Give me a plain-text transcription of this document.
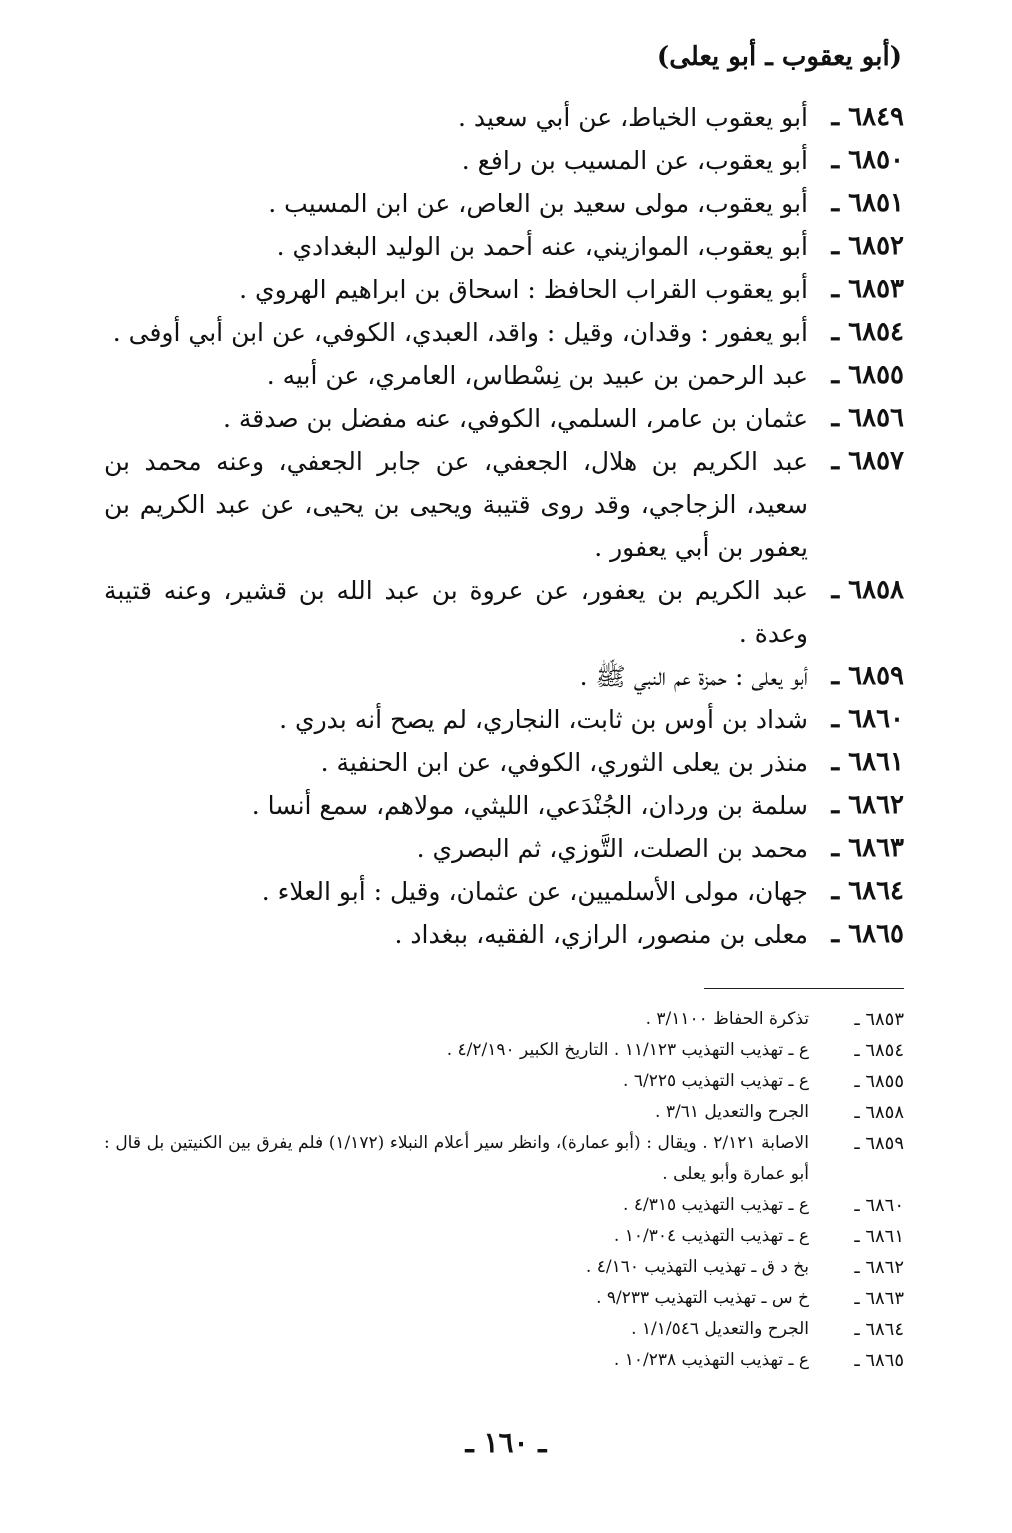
(أبو يعقوب ـ أبو يعلى)
٦٨٤٩ ـ
أبو يعقوب الخياط، عن أبي سعيد .
٦٨٥٠ ـ
أبو يعقوب، عن المسيب بن رافع .
٦٨٥١ ـ
أبو يعقوب، مولى سعيد بن العاص، عن ابن المسيب .
٦٨٥٢ ـ
أبو يعقوب، الموازيني، عنه أحمد بن الوليد البغدادي .
٦٨٥٣ ـ
أبو يعقوب القراب الحافظ : اسحاق بن ابراهيم الهروي .
٦٨٥٤ ـ
أبو يعفور : وقدان، وقيل : واقد، العبدي، الكوفي، عن ابن أبي أوفى .
٦٨٥٥ ـ
عبد الرحمن بن عبيد بن نِسْطاس، العامري، عن أبيه .
٦٨٥٦ ـ
عثمان بن عامر، السلمي، الكوفي، عنه مفضل بن صدقة .
٦٨٥٧ ـ
عبد الكريم بن هلال، الجعفي، عن جابر الجعفي، وعنه محمد بن سعيد، الزجاجي، وقد روى قتيبة ويحيى بن يحيى، عن عبد الكريم بن يعفور بن أبي يعفور .
٦٨٥٨ ـ
عبد الكريم بن يعفور، عن عروة بن عبد الله بن قشير، وعنه قتيبة وعدة .
٦٨٥٩ ـ
أبو يعلى : حمزة عم النبي ﷺ .
٦٨٦٠ ـ
شداد بن أوس بن ثابت، النجاري، لم يصح أنه بدري .
٦٨٦١ ـ
منذر بن يعلى الثوري، الكوفي، عن ابن الحنفية .
٦٨٦٢ ـ
سلمة بن وردان، الجُنْدَعي، الليثي، مولاهم، سمع أنسا .
٦٨٦٣ ـ
محمد بن الصلت، التَّوزي، ثم البصري .
٦٨٦٤ ـ
جهان، مولى الأسلميين، عن عثمان، وقيل : أبو العلاء .
٦٨٦٥ ـ
معلى بن منصور، الرازي، الفقيه، ببغداد .
٦٨٥٣ ـ
تذكرة الحفاظ ٣/١١٠٠ .
٦٨٥٤ ـ
ع ـ تهذيب التهذيب ١١/١٢٣ . التاريخ الكبير ٤/٢/١٩٠ .
٦٨٥٥ ـ
ع ـ تهذيب التهذيب ٦/٢٢٥ .
٦٨٥٨ ـ
الجرح والتعديل ٣/٦١ .
٦٨٥٩ ـ
الاصابة ٢/١٢١ . ويقال : (أبو عمارة)، وانظر سير أعلام النبلاء (١/١٧٢) فلم يفرق بين الكنيتين بل قال : أبو عمارة وأبو يعلى .
٦٨٦٠ ـ
ع ـ تهذيب التهذيب ٤/٣١٥ .
٦٨٦١ ـ
ع ـ تهذيب التهذيب ١٠/٣٠٤ .
٦٨٦٢ ـ
بخ د ق ـ تهذيب التهذيب ٤/١٦٠ .
٦٨٦٣ ـ
خ س ـ تهذيب التهذيب ٩/٢٣٣ .
٦٨٦٤ ـ
الجرح والتعديل ١/١/٥٤٦ .
٦٨٦٥ ـ
ع ـ تهذيب التهذيب ١٠/٢٣٨ .
ـ ١٦٠ ـ
